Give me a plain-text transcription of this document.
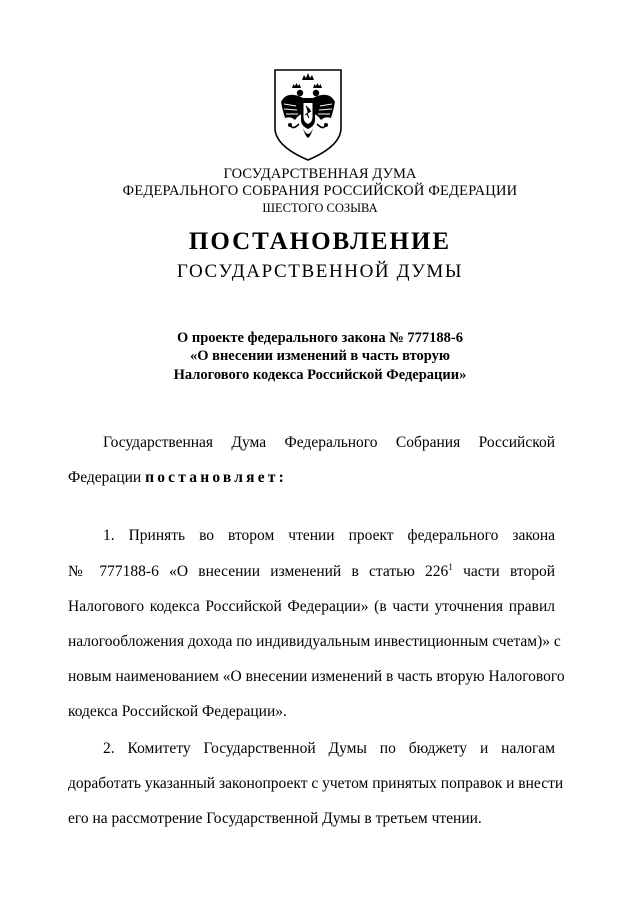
ГОСУДАРСТВЕННАЯ ДУМА
ФЕДЕРАЛЬНОГО СОБРАНИЯ РОССИЙСКОЙ ФЕДЕРАЦИИ
ШЕСТОГО СОЗЫВА
ПОСТАНОВЛЕНИЕ
ГОСУДАРСТВЕННОЙ ДУМЫ
О проекте федерального закона № 777188-6
«О внесении изменений в часть вторую
Налогового кодекса Российской Федерации»
Государственная Дума Федерального Собрания Российской
Федерации постановляет:
1. Принять во втором чтении проект федерального закона
№ 777188-6 «О внесении изменений в статью $226^1$ части второй
Налогового кодекса Российской Федерации» (в части уточнения правил
налогообложения дохода по индивидуальным инвестиционным счетам)» с
новым наименованием «О внесении изменений в часть вторую Налогового
кодекса Российской Федерации».
2. Комитету Государственной Думы по бюджету и налогам
доработать указанный законопроект с учетом принятых поправок и внести
его на рассмотрение Государственной Думы в третьем чтении.
